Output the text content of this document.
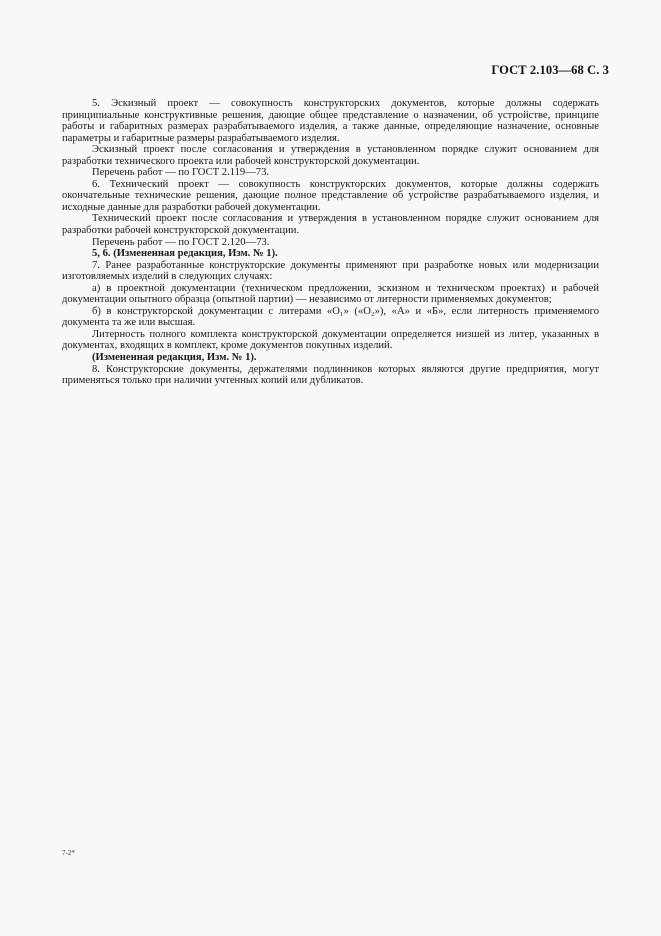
ГОСТ 2.103—68 С. 3

5. Эскизный проект — совокупность конструкторских документов, которые должны содержать принципиальные конструктивные решения, дающие общее представление о назначении, об устройстве, принципе работы и габаритных размерах разрабатываемого изделия, а также данные, определяющие назначение, основные параметры и габаритные размеры разрабатываемого изделия.

Эскизный проект после согласования и утверждения в установленном порядке служит основанием для разработки технического проекта или рабочей конструкторской документации.

Перечень работ — по ГОСТ 2.119—73.

6. Технический проект — совокупность конструкторских документов, которые должны содержать окончательные технические решения, дающие полное представление об устройстве разрабатываемого изделия, и исходные данные для разработки рабочей документации.

Технический проект после согласования и утверждения в установленном порядке служит основанием для разработки рабочей конструкторской документации.

Перечень работ — по ГОСТ 2.120—73.

5, 6. (Измененная редакция, Изм. № 1).

7. Ранее разработанные конструкторские документы применяют при разработке новых или модернизации изготовляемых изделий в следующих случаях:

а) в проектной документации (техническом предложении, эскизном и техническом проектах) и рабочей документации опытного образца (опытной партии) — независимо от литерности применяемых документов;

б) в конструкторской документации с литерами «O₁» («O₂»), «А» и «Б», если литерность применяемого документа та же или высшая.

Литерность полного комплекта конструкторской документации определяется низшей из литер, указанных в документах, входящих в комплект, кроме документов покупных изделий.

(Измененная редакция, Изм. № 1).

8. Конструкторские документы, держателями подлинников которых являются другие предприятия, могут применяться только при наличии учтенных копий или дубликатов.

7-2*
